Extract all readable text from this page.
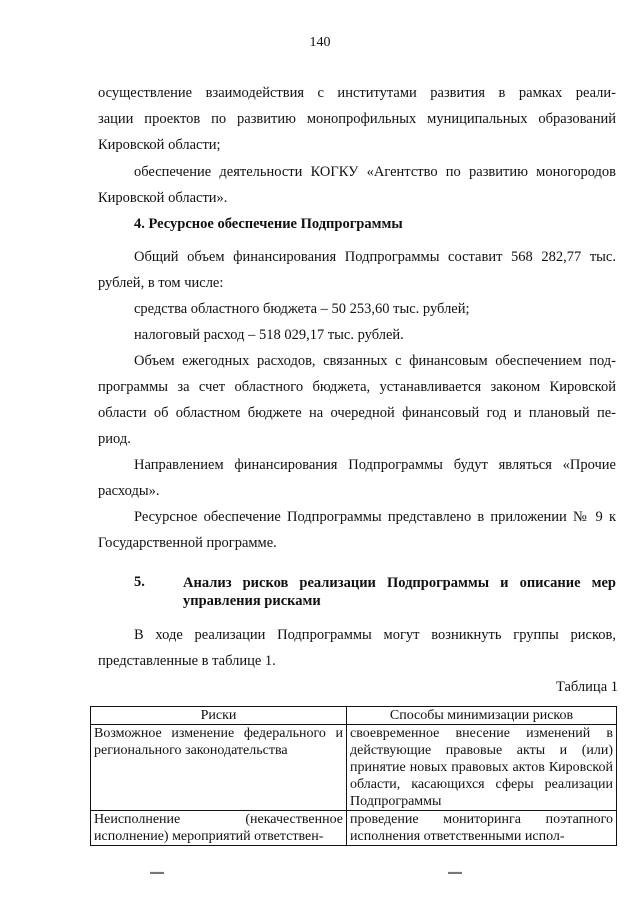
140
осуществление взаимодействия с институтами развития в рамках реали-
зации проектов по развитию монопрофильных муниципальных образований
Кировской области;
обеспечение деятельности КОГКУ «Агентство по развитию моногородов
Кировской области».
4. Ресурсное обеспечение Подпрограммы
Общий объем финансирования Подпрограммы составит 568 282,77 тыс.
рублей, в том числе:
средства областного бюджета – 50 253,60 тыс. рублей;
налоговый расход – 518 029,17 тыс. рублей.
Объем ежегодных расходов, связанных с финансовым обеспечением под-
программы за счет областного бюджета, устанавливается законом Кировской
области об областном бюджете на очередной финансовый год и плановый пе-
риод.
Направлением финансирования Подпрограммы будут являться «Прочие
расходы».
Ресурсное обеспечение Подпрограммы представлено в приложении № 9 к
Государственной программе.
5.	Анализ рисков реализации Подпрограммы и описание мер
управления рисками
В ходе реализации Подпрограммы могут возникнуть группы рисков,
представленные в таблице 1.
Таблица 1
Риски	Способы минимизации рисков
Возможное изменение федерального и регионального законодательства	своевременное внесение изменений в действующие правовые акты и (или) принятие новых правовых актов Кировской области, касающихся сферы реализации Подпрограммы
Неисполнение (некачественное исполнение) мероприятий ответствен-	проведение мониторинга поэтапного исполнения ответственными испол-
▬▬	▬▬
